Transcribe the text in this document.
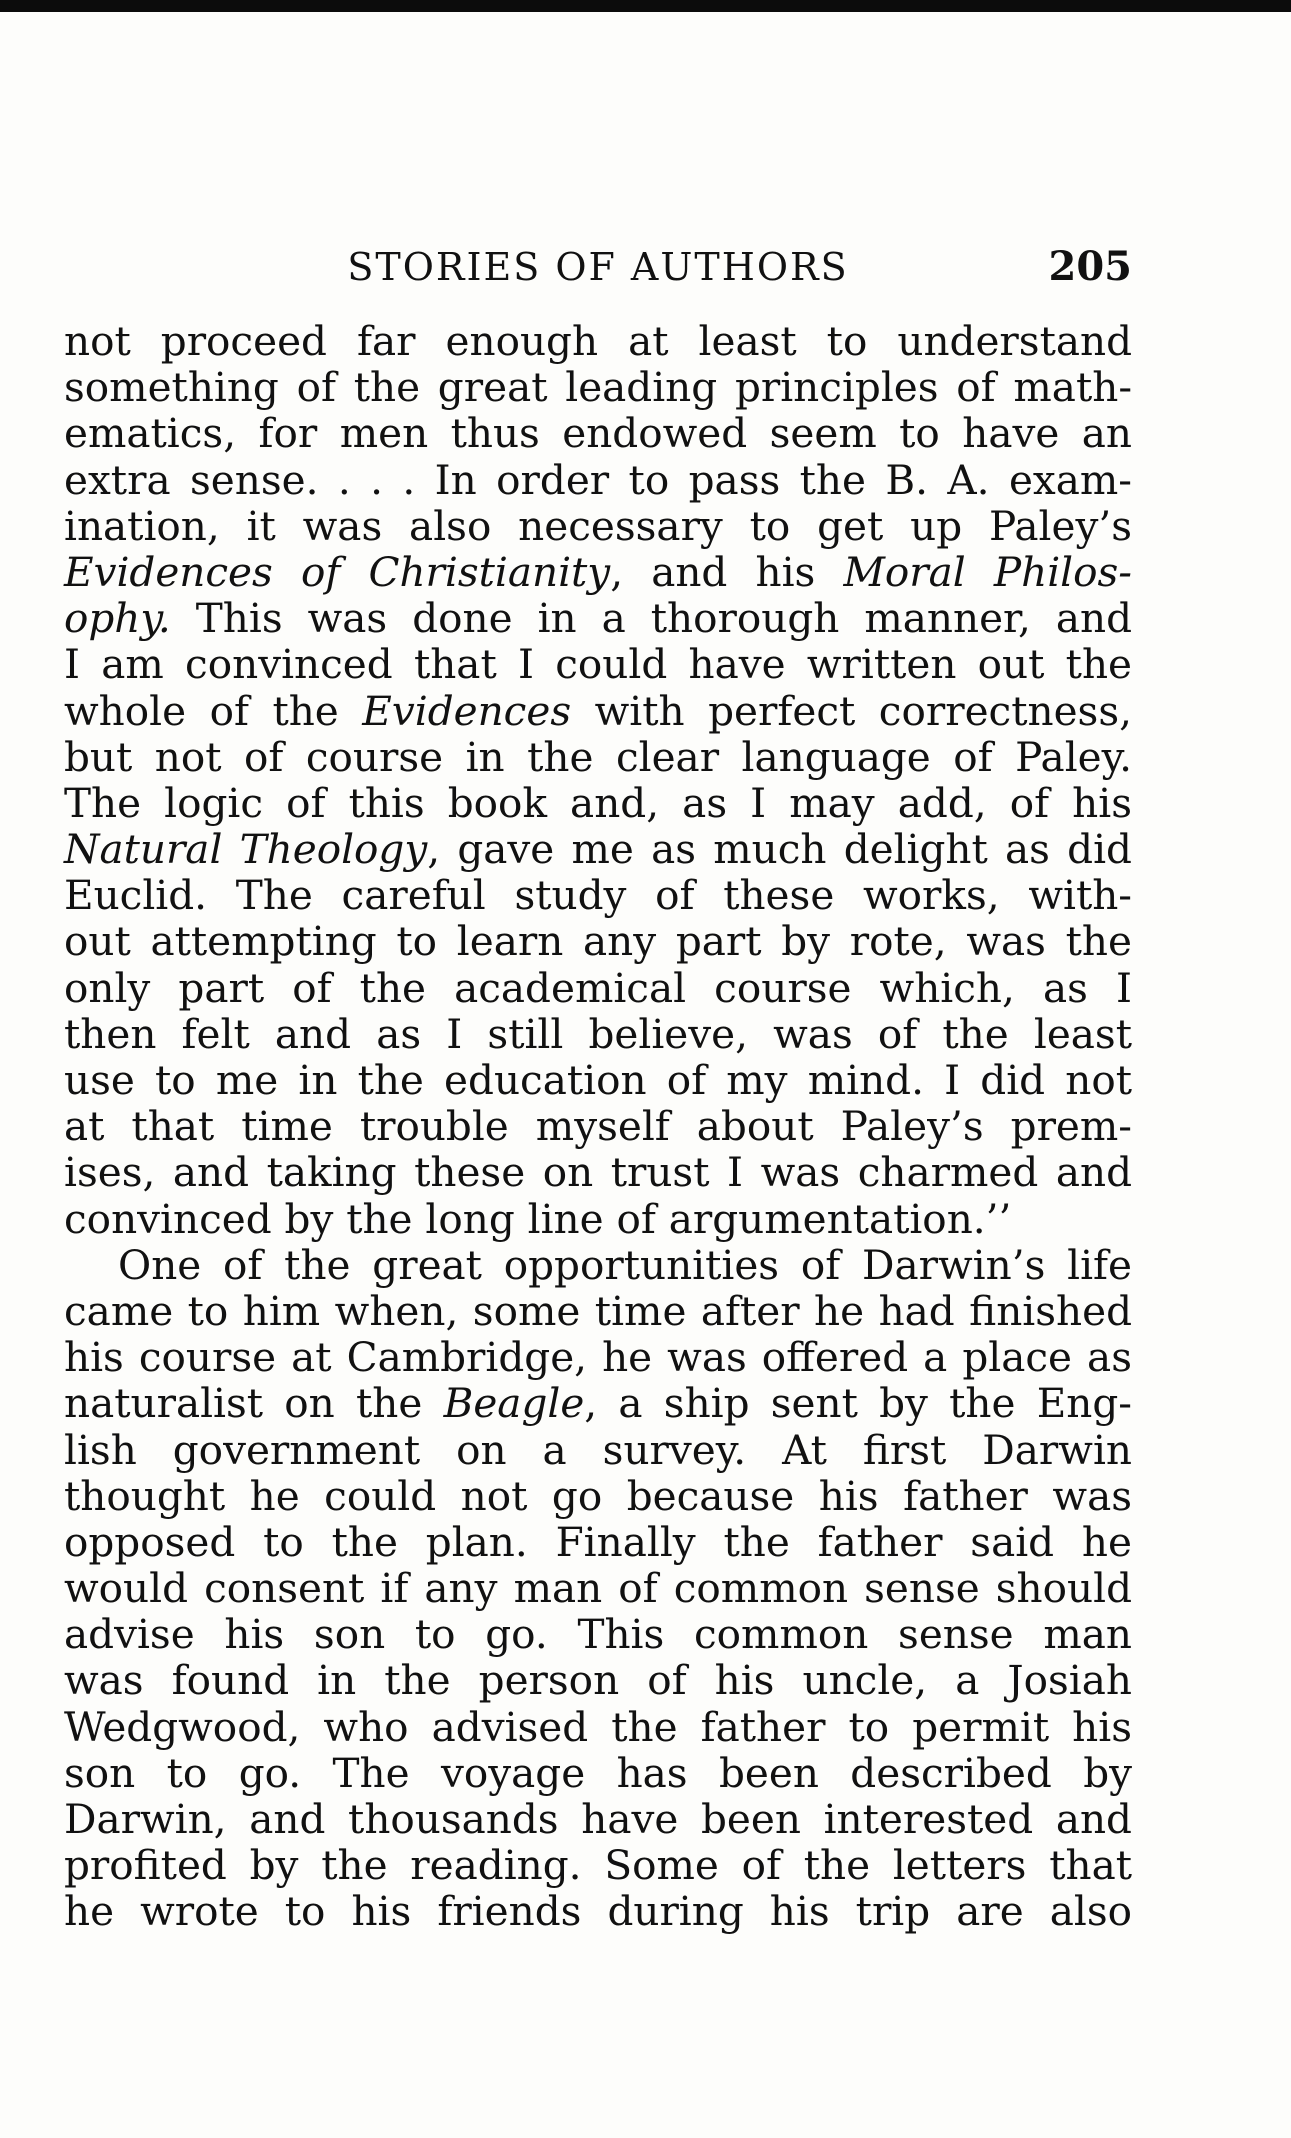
STORIES OF AUTHORS	205
not proceed far enough at least to understand
something of the great leading principles of math-
ematics, for men thus endowed seem to have an
extra sense. . . . In order to pass the B. A. exam-
ination, it was also necessary to get up Paley’s
Evidences of Christianity, and his Moral Philos-
ophy. This was done in a thorough manner, and
I am convinced that I could have written out the
whole of the Evidences with perfect correctness,
but not of course in the clear language of Paley.
The logic of this book and, as I may add, of his
Natural Theology, gave me as much delight as did
Euclid. The careful study of these works, with-
out attempting to learn any part by rote, was the
only part of the academical course which, as I
then felt and as I still believe, was of the least
use to me in the education of my mind. I did not
at that time trouble myself about Paley’s prem-
ises, and taking these on trust I was charmed and
convinced by the long line of argumentation.’’
One of the great opportunities of Darwin’s life
came to him when, some time after he had finished
his course at Cambridge, he was offered a place as
naturalist on the Beagle, a ship sent by the Eng-
lish government on a survey. At first Darwin
thought he could not go because his father was
opposed to the plan. Finally the father said he
would consent if any man of common sense should
advise his son to go. This common sense man
was found in the person of his uncle, a Josiah
Wedgwood, who advised the father to permit his
son to go. The voyage has been described by
Darwin, and thousands have been interested and
profited by the reading. Some of the letters that
he wrote to his friends during his trip are also
